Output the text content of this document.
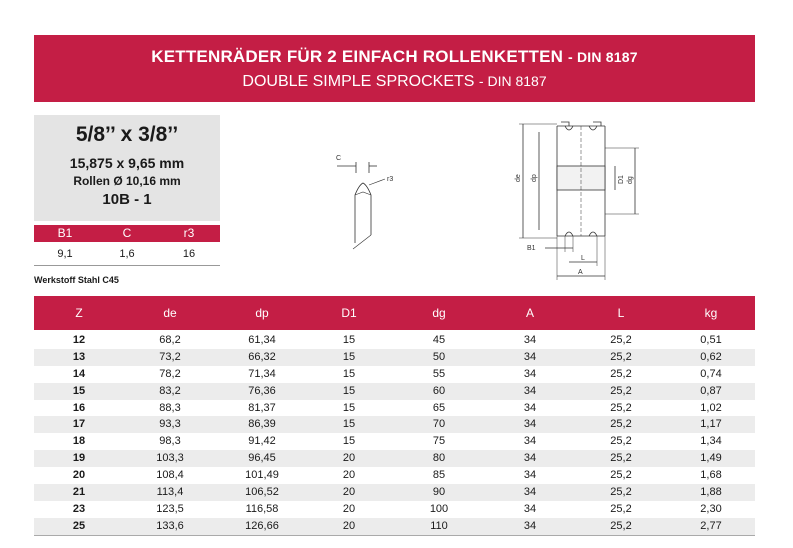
KETTENRÄDER FÜR 2 EINFACH ROLLENKETTEN - DIN 8187
DOUBLE SIMPLE SPROCKETS - DIN 8187
5/8’’ x 3/8’’
15,875 x 9,65 mm
Rollen Ø 10,16 mm
10B - 1
B1	C	r3
9,1	1,6	16
Werkstoff Stahl C45
C
r3	de dp	D1 dg
B1
L
A
Z	de	dp	D1	dg	A	L	kg
12	68,2	61,34	15	45	34	25,2	0,51
13	73,2	66,32	15	50	34	25,2	0,62
14	78,2	71,34	15	55	34	25,2	0,74
15	83,2	76,36	15	60	34	25,2	0,87
16	88,3	81,37	15	65	34	25,2	1,02
17	93,3	86,39	15	70	34	25,2	1,17
18	98,3	91,42	15	75	34	25,2	1,34
19	103,3	96,45	20	80	34	25,2	1,49
20	108,4	101,49	20	85	34	25,2	1,68
21	113,4	106,52	20	90	34	25,2	1,88
23	123,5	116,58	20	100	34	25,2	2,30
25	133,6	126,66	20	110	34	25,2	2,77
